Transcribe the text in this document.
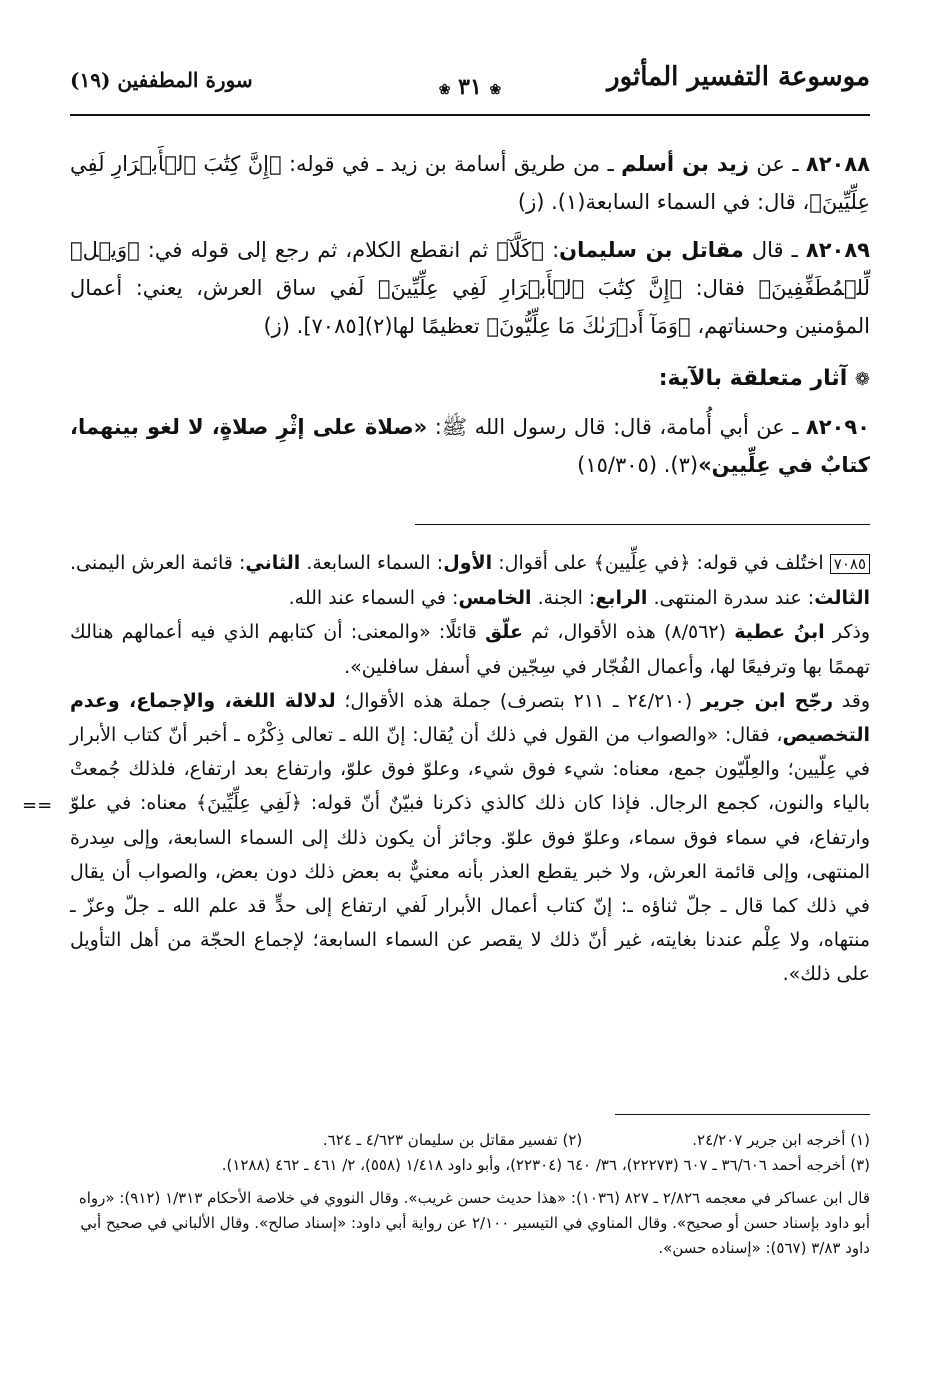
موسوعة التفسير المأثور
❀ ٣١ ❀
سورة المطففين (١٩)

٨٢٠٨٨ ـ عن زيد بن أسلم ـ من طريق أسامة بن زيد ـ في قوله: ﴿إِنَّ كِتَٰبَ ٱلۡأَبۡرَارِ لَفِي عِلِّيِّينَ﴾، قال: في السماء السابعة(١). (ز)

٨٢٠٨٩ ـ قال مقاتل بن سليمان: ﴿كَلَّآ﴾ ثم انقطع الكلام، ثم رجع إلى قوله في: ﴿وَيۡلٞ لِّلۡمُطَفِّفِينَ﴾ فقال: ﴿إِنَّ كِتَٰبَ ٱلۡأَبۡرَارِ لَفِي عِلِّيِّينَ﴾ لَفي ساق العرش، يعني: أعمال المؤمنين وحسناتهم، ﴿وَمَآ أَدۡرَىٰكَ مَا عِلِّيُّونَ﴾ تعظيمًا لها(٢)[٧٠٨٥]. (ز)

❁ آثار متعلقة بالآية:

٨٢٠٩٠ ـ عن أبي أُمامة، قال: قال رسول الله ﷺ: «صلاة على إثْرِ صلاةٍ، لا لغو بينهما، كتابٌ في عِلِّيين»(٣). (١٥/٣٠٥)

٧٠٨٥ اختُلف في قوله: ﴿في عِلِّيين﴾ على أقوال: الأول: السماء السابعة. الثاني: قائمة العرش اليمنى. الثالث: عند سدرة المنتهى. الرابع: الجنة. الخامس: في السماء عند الله.
وذكر ابنُ عطية (٨/٥٦٢) هذه الأقوال، ثم علّق قائلًا: «والمعنى: أن كتابهم الذي فيه أعمالهم هنالك تهممًا بها وترفيعًا لها، وأعمال الفُجّار في سِجّين في أسفل سافلين».
وقد رجّح ابن جرير (٢٤/٢١٠ ـ ٢١١ بتصرف) جملة هذه الأقوال؛ لدلالة اللغة، والإجماع، وعدم التخصيص، فقال: «والصواب من القول في ذلك أن يُقال: إنّ الله ـ تعالى ذِكْرُه ـ أخبر أنّ كتاب الأبرار في عِلّيين؛ والعِلّيّون جمع، معناه: شيء فوق شيء، وعلوّ فوق علوّ، وارتفاع بعد ارتفاع، فلذلك جُمعتْ بالياء والنون، كجمع الرجال. فإذا كان ذلك كالذي ذكرنا فبيّنٌ أنّ قوله: ﴿لَفِي عِلِّيِّينَ﴾ معناه: في علوّ وارتفاع، في سماء فوق سماء، وعلوّ فوق علوّ. وجائز أن يكون ذلك إلى السماء السابعة، وإلى سِدرة المنتهى، وإلى قائمة العرش، ولا خبر يقطع العذر بأنه معنيٌّ به بعض ذلك دون بعض، والصواب أن يقال في ذلك كما قال ـ جلّ ثناؤه ـ: إنّ كتاب أعمال الأبرار لَفي ارتفاع إلى حدٍّ قد علم الله ـ جلّ وعزّ ـ منتهاه، ولا عِلْم عندنا بغايته، غير أنّ ذلك لا يقصر عن السماء السابعة؛ لإجماع الحجّة من أهل التأويل على ذلك».
==

(١) أخرجه ابن جرير ٢٤/٢٠٧.

(٢) تفسير مقاتل بن سليمان ٤/٦٢٣ ـ ٦٢٤.

(٣) أخرجه أحمد ٣٦/٦٠٦ ـ ٦٠٧ (٢٢٢٧٣)، ٣٦/ ٦٤٠ (٢٢٣٠٤)، وأبو داود ١/٤١٨ (٥٥٨)، ٢/ ٤٦١ ـ ٤٦٢ (١٢٨٨).

قال ابن عساكر في معجمه ٢/٨٢٦ ـ ٨٢٧ (١٠٣٦): «هذا حديث حسن غريب». وقال النووي في خلاصة الأحكام ١/٣١٣ (٩١٢): «رواه أبو داود بإسناد حسن أو صحيح». وقال المناوي في التيسير ٢/١٠٠ عن رواية أبي داود: «إسناد صالح». وقال الألباني في صحيح أبي داود ٣/٨٣ (٥٦٧): «إسناده حسن».
